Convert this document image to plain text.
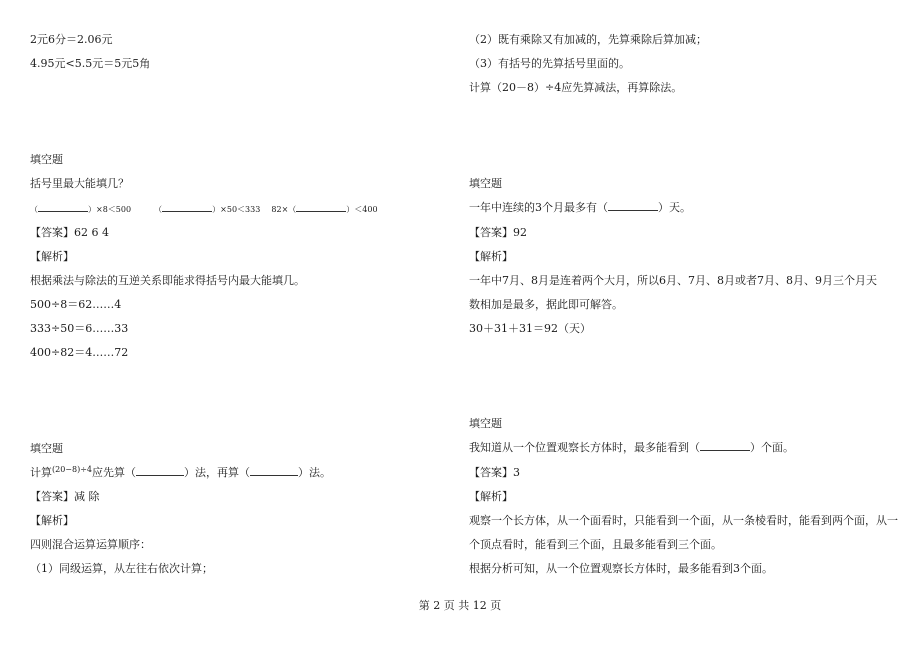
2元6分＝2.06元
4.95元<5.5元＝5元5角
填空题
括号里最大能填几？
（	）×8＜500	（	）×50＜333 82×（	）＜400
【答案】62 6 4
【解析】
根据乘法与除法的互逆关系即能求得括号内最大能填几。
500÷8＝62……4
333÷50＝6……33
400÷82＝4……72
填空题
计算$^{(20-8)\div 4}$应先算（	）法，再算（	）法。
【答案】减 除
【解析】
四则混合运算运算顺序：
（1）同级运算，从左往右依次计算；
（2）既有乘除又有加减的，先算乘除后算加减；
（3）有括号的先算括号里面的。
计算（20－8）÷4应先算减法，再算除法。
填空题
一年中连续的3个月最多有（	）天。
【答案】92
【解析】
一年中7月、8月是连着两个大月，所以6月、7月、8月或者7月、8月、9月三个月天
数相加是最多，据此即可解答。
30＋31＋31＝92（天）
填空题
我知道从一个位置观察长方体时，最多能看到（	）个面。
【答案】3
【解析】
观察一个长方体，从一个面看时，只能看到一个面，从一条棱看时，能看到两个面，从一
个顶点看时，能看到三个面，且最多能看到三个面。
根据分析可知，从一个位置观察长方体时，最多能看到3个面。
第 2 页 共 12 页
